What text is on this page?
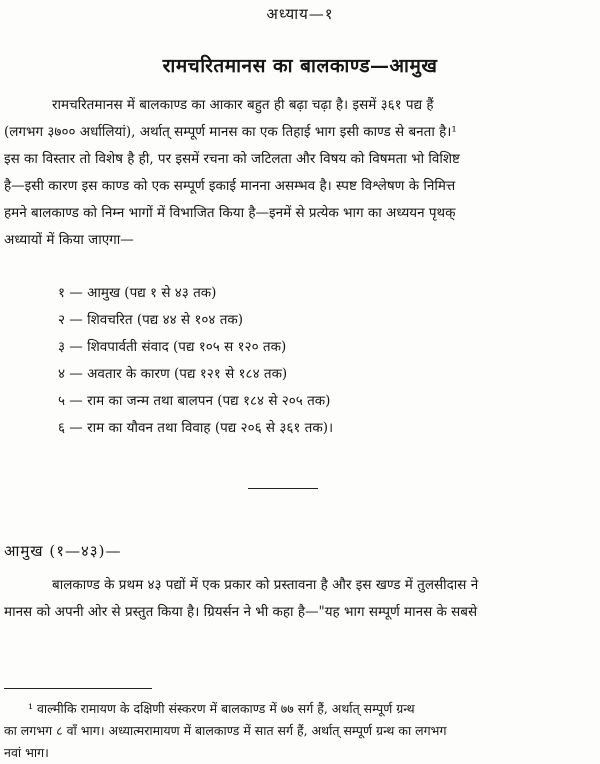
अध्याय—१
रामचरितमानस का बालकाण्ड—आमुख
रामचरितमानस में बालकाण्ड का आकार बहुत ही बढ़ा चढ़ा है। इसमें ३६१ पद्य हैं
(लगभग ३७०० अर्धालियां), अर्थात् सम्पूर्ण मानस का एक तिहाई भाग इसी काण्ड से बनता है।¹
इस का विस्तार तो विशेष है ही, पर इसमें रचना को जटिलता और विषय को विषमता भो विशिष्ट
है—इसी कारण इस काण्ड को एक सम्पूर्ण इकाई मानना असम्भव है। स्पष्ट विश्लेषण के निमित्त
हमने बालकाण्ड को निम्न भागों में विभाजित किया है—इनमें से प्रत्येक भाग का अध्ययन पृथक्
अध्यायों में किया जाएगा—
१ — आमुख (पद्य १ से ४३ तक)
२ — शिवचरित (पद्य ४४ से १०४ तक)
३ — शिवपार्वती संवाद (पद्य १०५ स १२० तक)
४ — अवतार के कारण (पद्य १२१ से १८४ तक)
५ — राम का जन्म तथा बालपन (पद्य १८४ से २०५ तक)
६ — राम का यौवन तथा विवाह (पद्य २०६ से ३६१ तक)।
आमुख (१—४३)—
बालकाण्ड के प्रथम ४३ पद्यों में एक प्रकार को प्रस्तावना है और इस खण्ड में तुलसीदास ने
मानस को अपनी ओर से प्रस्तुत किया है। ग्रियर्सन ने भी कहा है—"यह भाग सम्पूर्ण मानस के सबसे
¹ वाल्मीकि रामायण के दक्षिणी संस्करण में बालकाण्ड में ७७ सर्ग हैं, अर्थात् सम्पूर्ण ग्रन्थ
का लगभग ८ वाँ भाग। अध्यात्मरामायण में बालकाण्ड में सात सर्ग हैं, अर्थात् सम्पूर्ण ग्रन्थ का लगभग
नवां भाग।
